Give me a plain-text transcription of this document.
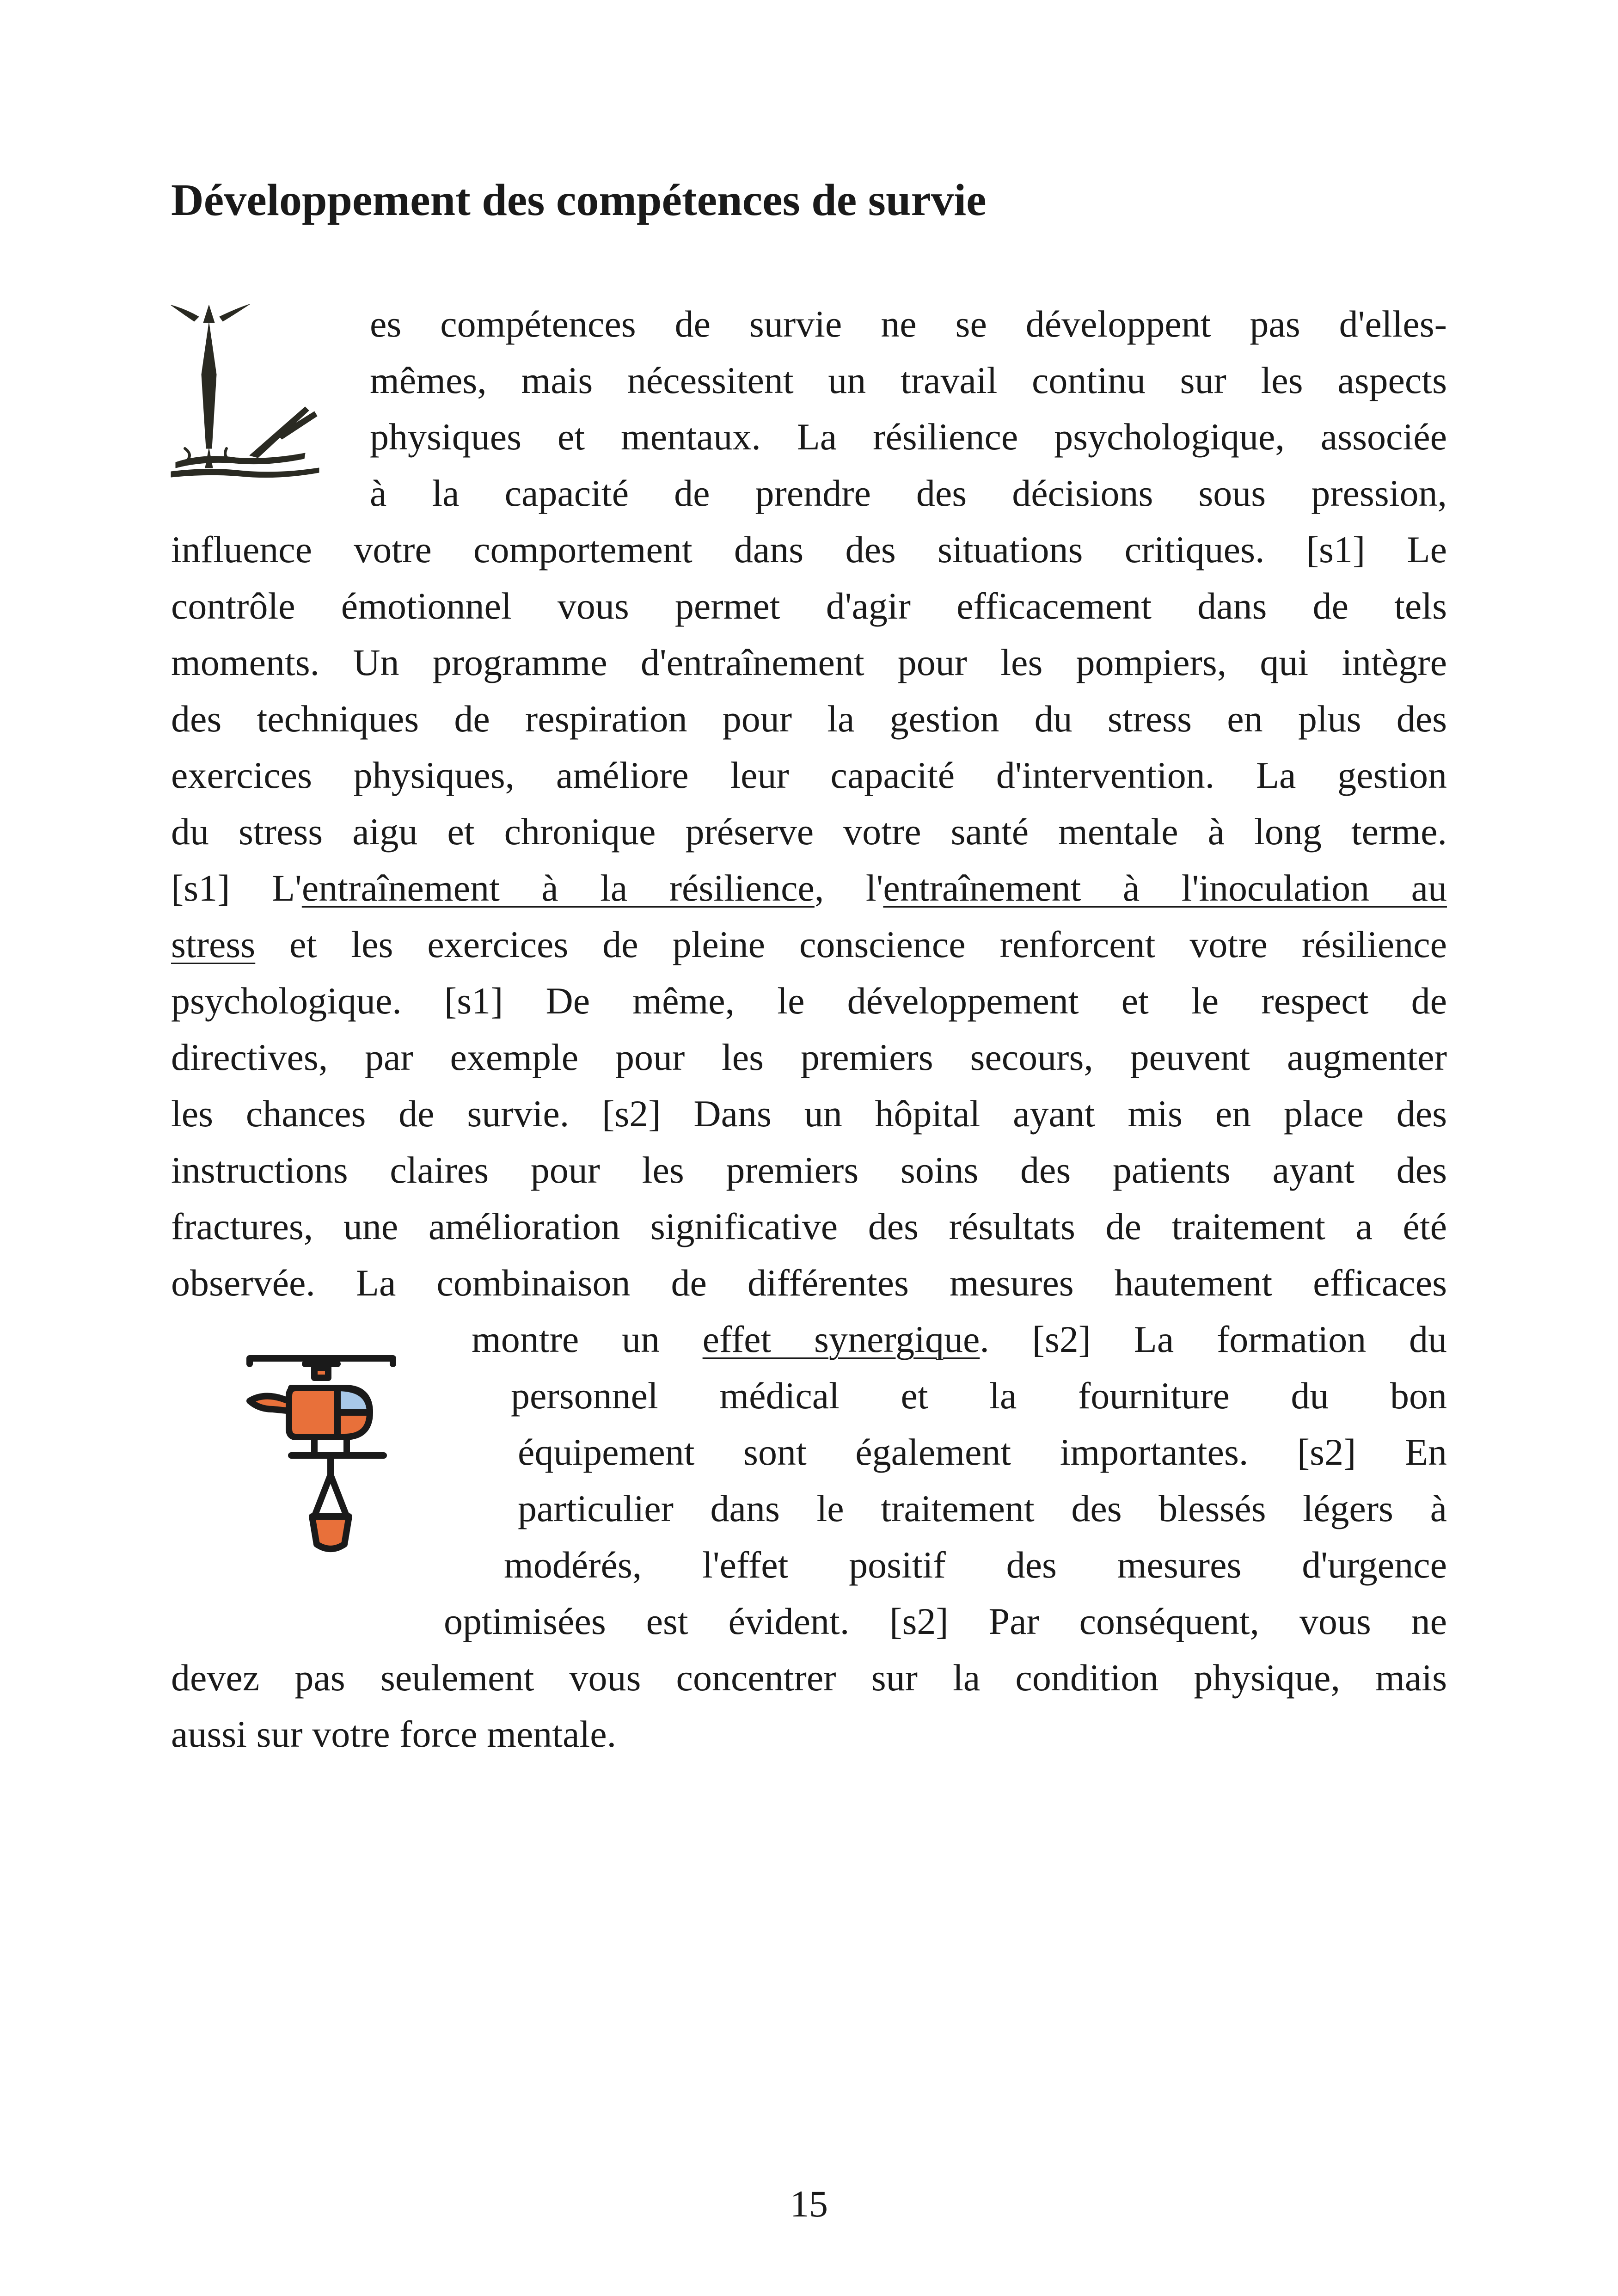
Développement des compétences de survie
es compétences de survie ne se développent pas d'elles-
mêmes, mais nécessitent un travail continu sur les aspects
physiques et mentaux. La résilience psychologique, associée
à la capacité de prendre des décisions sous pression,
influence votre comportement dans des situations critiques. [s1] Le
contrôle émotionnel vous permet d'agir efficacement dans de tels
moments. Un programme d'entraînement pour les pompiers, qui intègre
des techniques de respiration pour la gestion du stress en plus des
exercices physiques, améliore leur capacité d'intervention. La gestion
du stress aigu et chronique préserve votre santé mentale à long terme.
[s1] L'entraînement à la résilience, l'entraînement à l'inoculation au
stress et les exercices de pleine conscience renforcent votre résilience
psychologique. [s1] De même, le développement et le respect de
directives, par exemple pour les premiers secours, peuvent augmenter
les chances de survie. [s2] Dans un hôpital ayant mis en place des
instructions claires pour les premiers soins des patients ayant des
fractures, une amélioration significative des résultats de traitement a été
observée. La combinaison de différentes mesures hautement efficaces
montre un effet synergique. [s2] La formation du
personnel médical et la fourniture du bon
équipement sont également importantes. [s2] En
particulier dans le traitement des blessés légers à
modérés, l'effet positif des mesures d'urgence
optimisées est évident. [s2] Par conséquent, vous ne
devez pas seulement vous concentrer sur la condition physique, mais
aussi sur votre force mentale.
15
